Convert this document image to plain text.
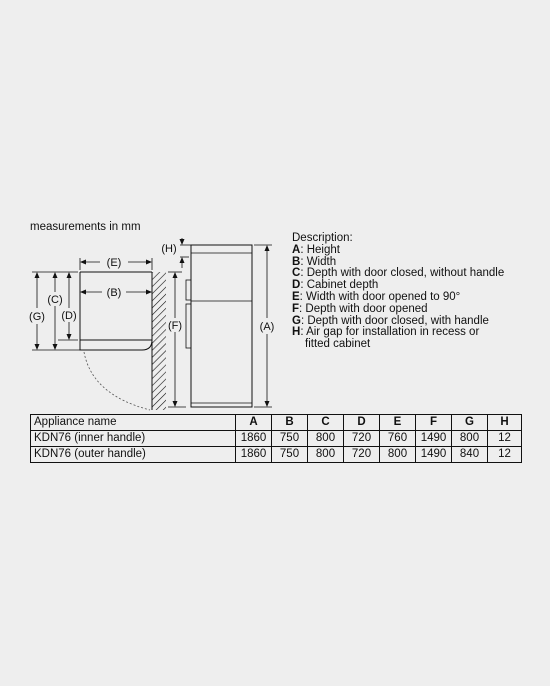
measurements in mm
(E)
(B)
(G)
(C)
(D)
(H)
(F)	(A)
Description:
A: Height
B: Width
C: Depth with door closed, without handle
D: Cabinet depth
E: Width with door opened to 90°
F: Depth with door opened
G: Depth with door closed, with handle
H: Air gap for installation in recess or
fitted cabinet
Appliance name	A	B	C	D	E	F	G	H
KDN76 (inner handle)	1860	750	800	720	760	1490	800	12
KDN76 (outer handle)	1860	750	800	720	800	1490	840	12
